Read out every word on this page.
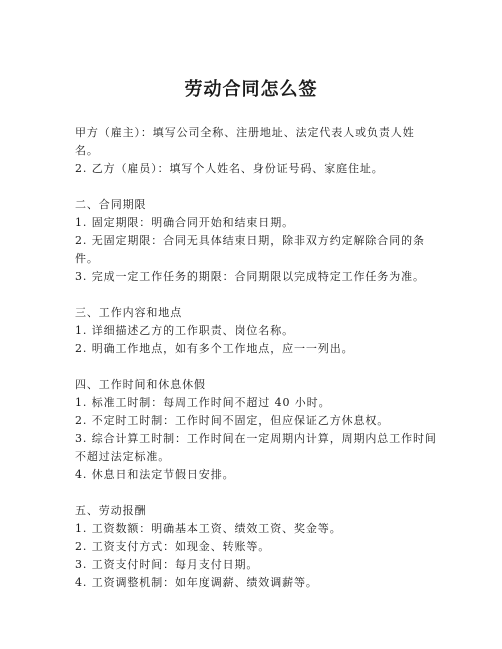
劳动合同怎么签
甲方（雇主）：填写公司全称、注册地址、法定代表人或负责人姓
名。
2. 乙方（雇员）：填写个人姓名、身份证号码、家庭住址。
二、合同期限
1. 固定期限：明确合同开始和结束日期。
2. 无固定期限：合同无具体结束日期，除非双方约定解除合同的条
件。
3. 完成一定工作任务的期限：合同期限以完成特定工作任务为准。
三、工作内容和地点
1. 详细描述乙方的工作职责、岗位名称。
2. 明确工作地点，如有多个工作地点，应一一列出。
四、工作时间和休息休假
1. 标准工时制：每周工作时间不超过 40 小时。
2. 不定时工时制：工作时间不固定，但应保证乙方休息权。
3. 综合计算工时制：工作时间在一定周期内计算，周期内总工作时间
不超过法定标准。
4. 休息日和法定节假日安排。
五、劳动报酬
1. 工资数额：明确基本工资、绩效工资、奖金等。
2. 工资支付方式：如现金、转账等。
3. 工资支付时间：每月支付日期。
4. 工资调整机制：如年度调薪、绩效调薪等。
